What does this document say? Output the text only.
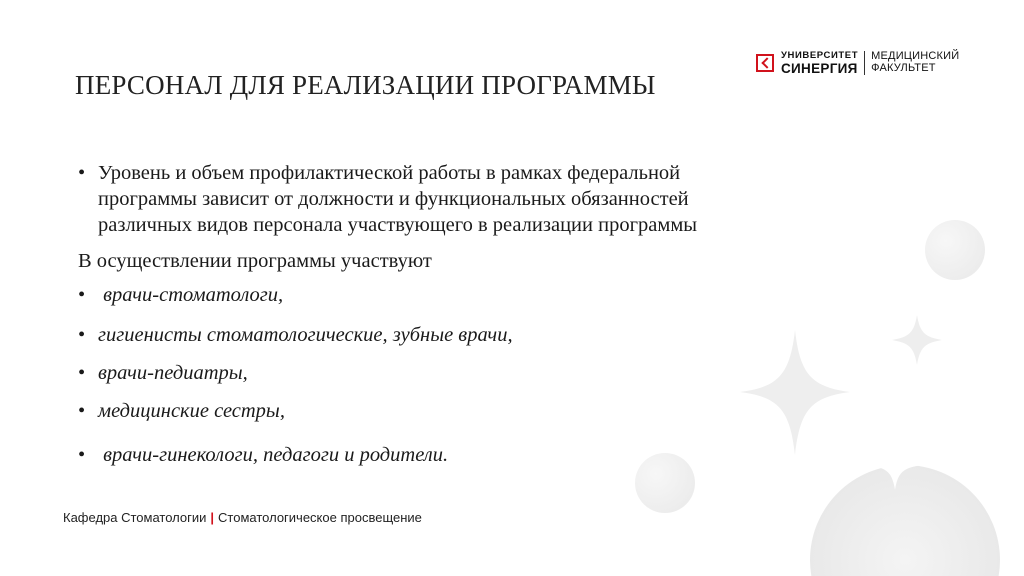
ПЕРСОНАЛ ДЛЯ РЕАЛИЗАЦИИ ПРОГРАММЫ
УНИВЕРСИТЕТ
СИНЕРГИЯ
МЕДИЦИНСКИЙ
ФАКУЛЬТЕТ
• Уровень и объем профилактической работы в рамках федеральной
программы зависит от должности и функциональных обязанностей
различных видов персонала участвующего в реализации программы

В осуществлении программы участвуют

• врачи-стоматологи,
• гигиенисты стоматологические, зубные врачи,
• врачи-педиатры,
• медицинские сестры,
• врачи-гинекологи, педагоги и родители.
Кафедра Стоматологии | Стоматологическое просвещение
